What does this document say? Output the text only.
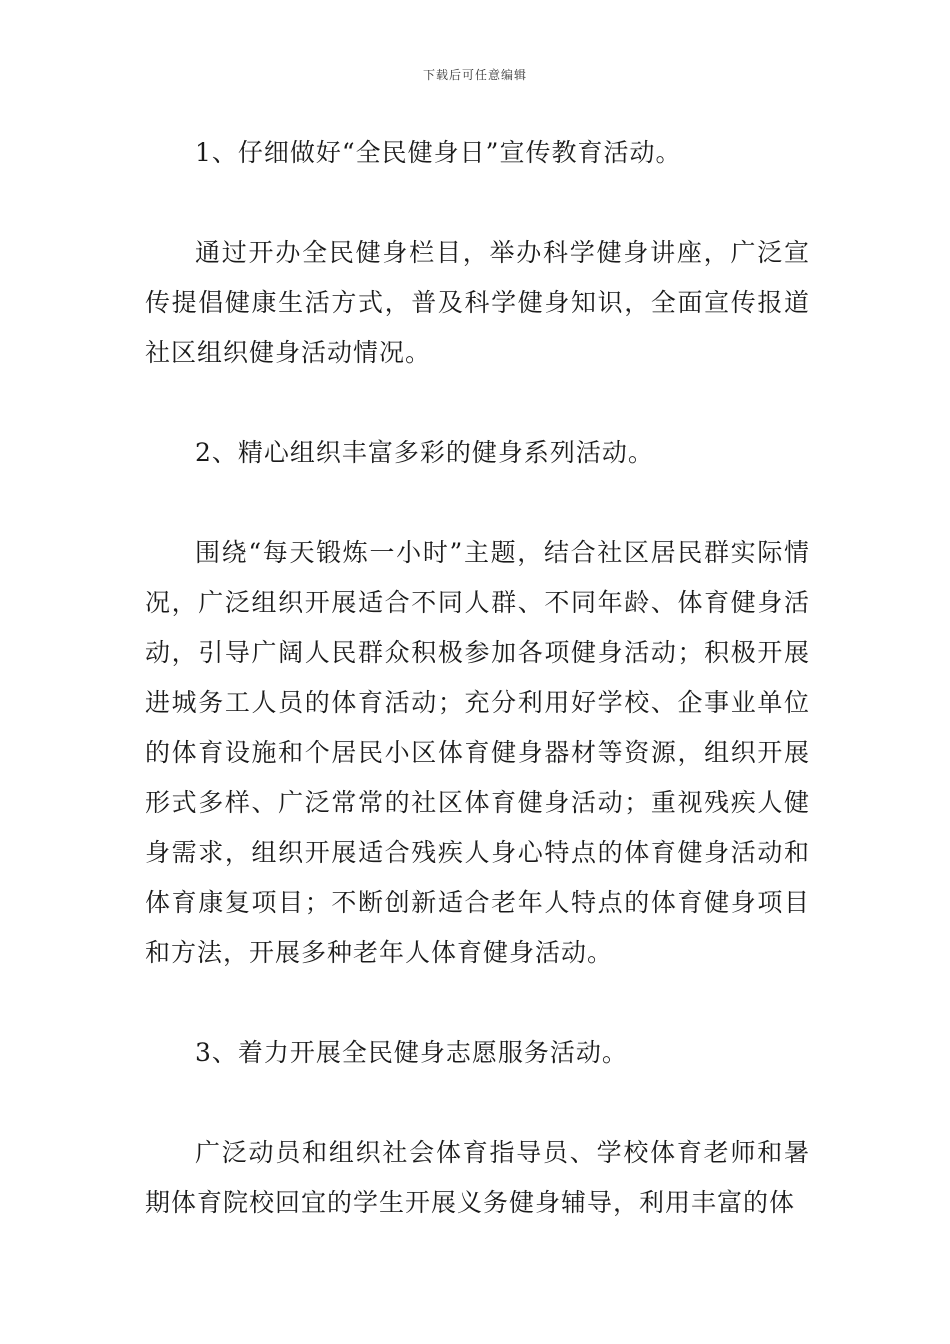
下载后可任意编辑

1、仔细做好“全民健身日”宣传教育活动。

通过开办全民健身栏目，举办科学健身讲座，广泛宣传提倡健康生活方式，普及科学健身知识，全面宣传报道社区组织健身活动情况。

2、精心组织丰富多彩的健身系列活动。

围绕“每天锻炼一小时”主题，结合社区居民群实际情况，广泛组织开展适合不同人群、不同年龄、体育健身活动，引导广阔人民群众积极参加各项健身活动；积极开展进城务工人员的体育活动；充分利用好学校、企事业单位的体育设施和个居民小区体育健身器材等资源，组织开展形式多样、广泛常常的社区体育健身活动；重视残疾人健身需求，组织开展适合残疾人身心特点的体育健身活动和体育康复项目；不断创新适合老年人特点的体育健身项目和方法，开展多种老年人体育健身活动。

3、着力开展全民健身志愿服务活动。

广泛动员和组织社会体育指导员、学校体育老师和暑期体育院校回宜的学生开展义务健身辅导，利用丰富的体
